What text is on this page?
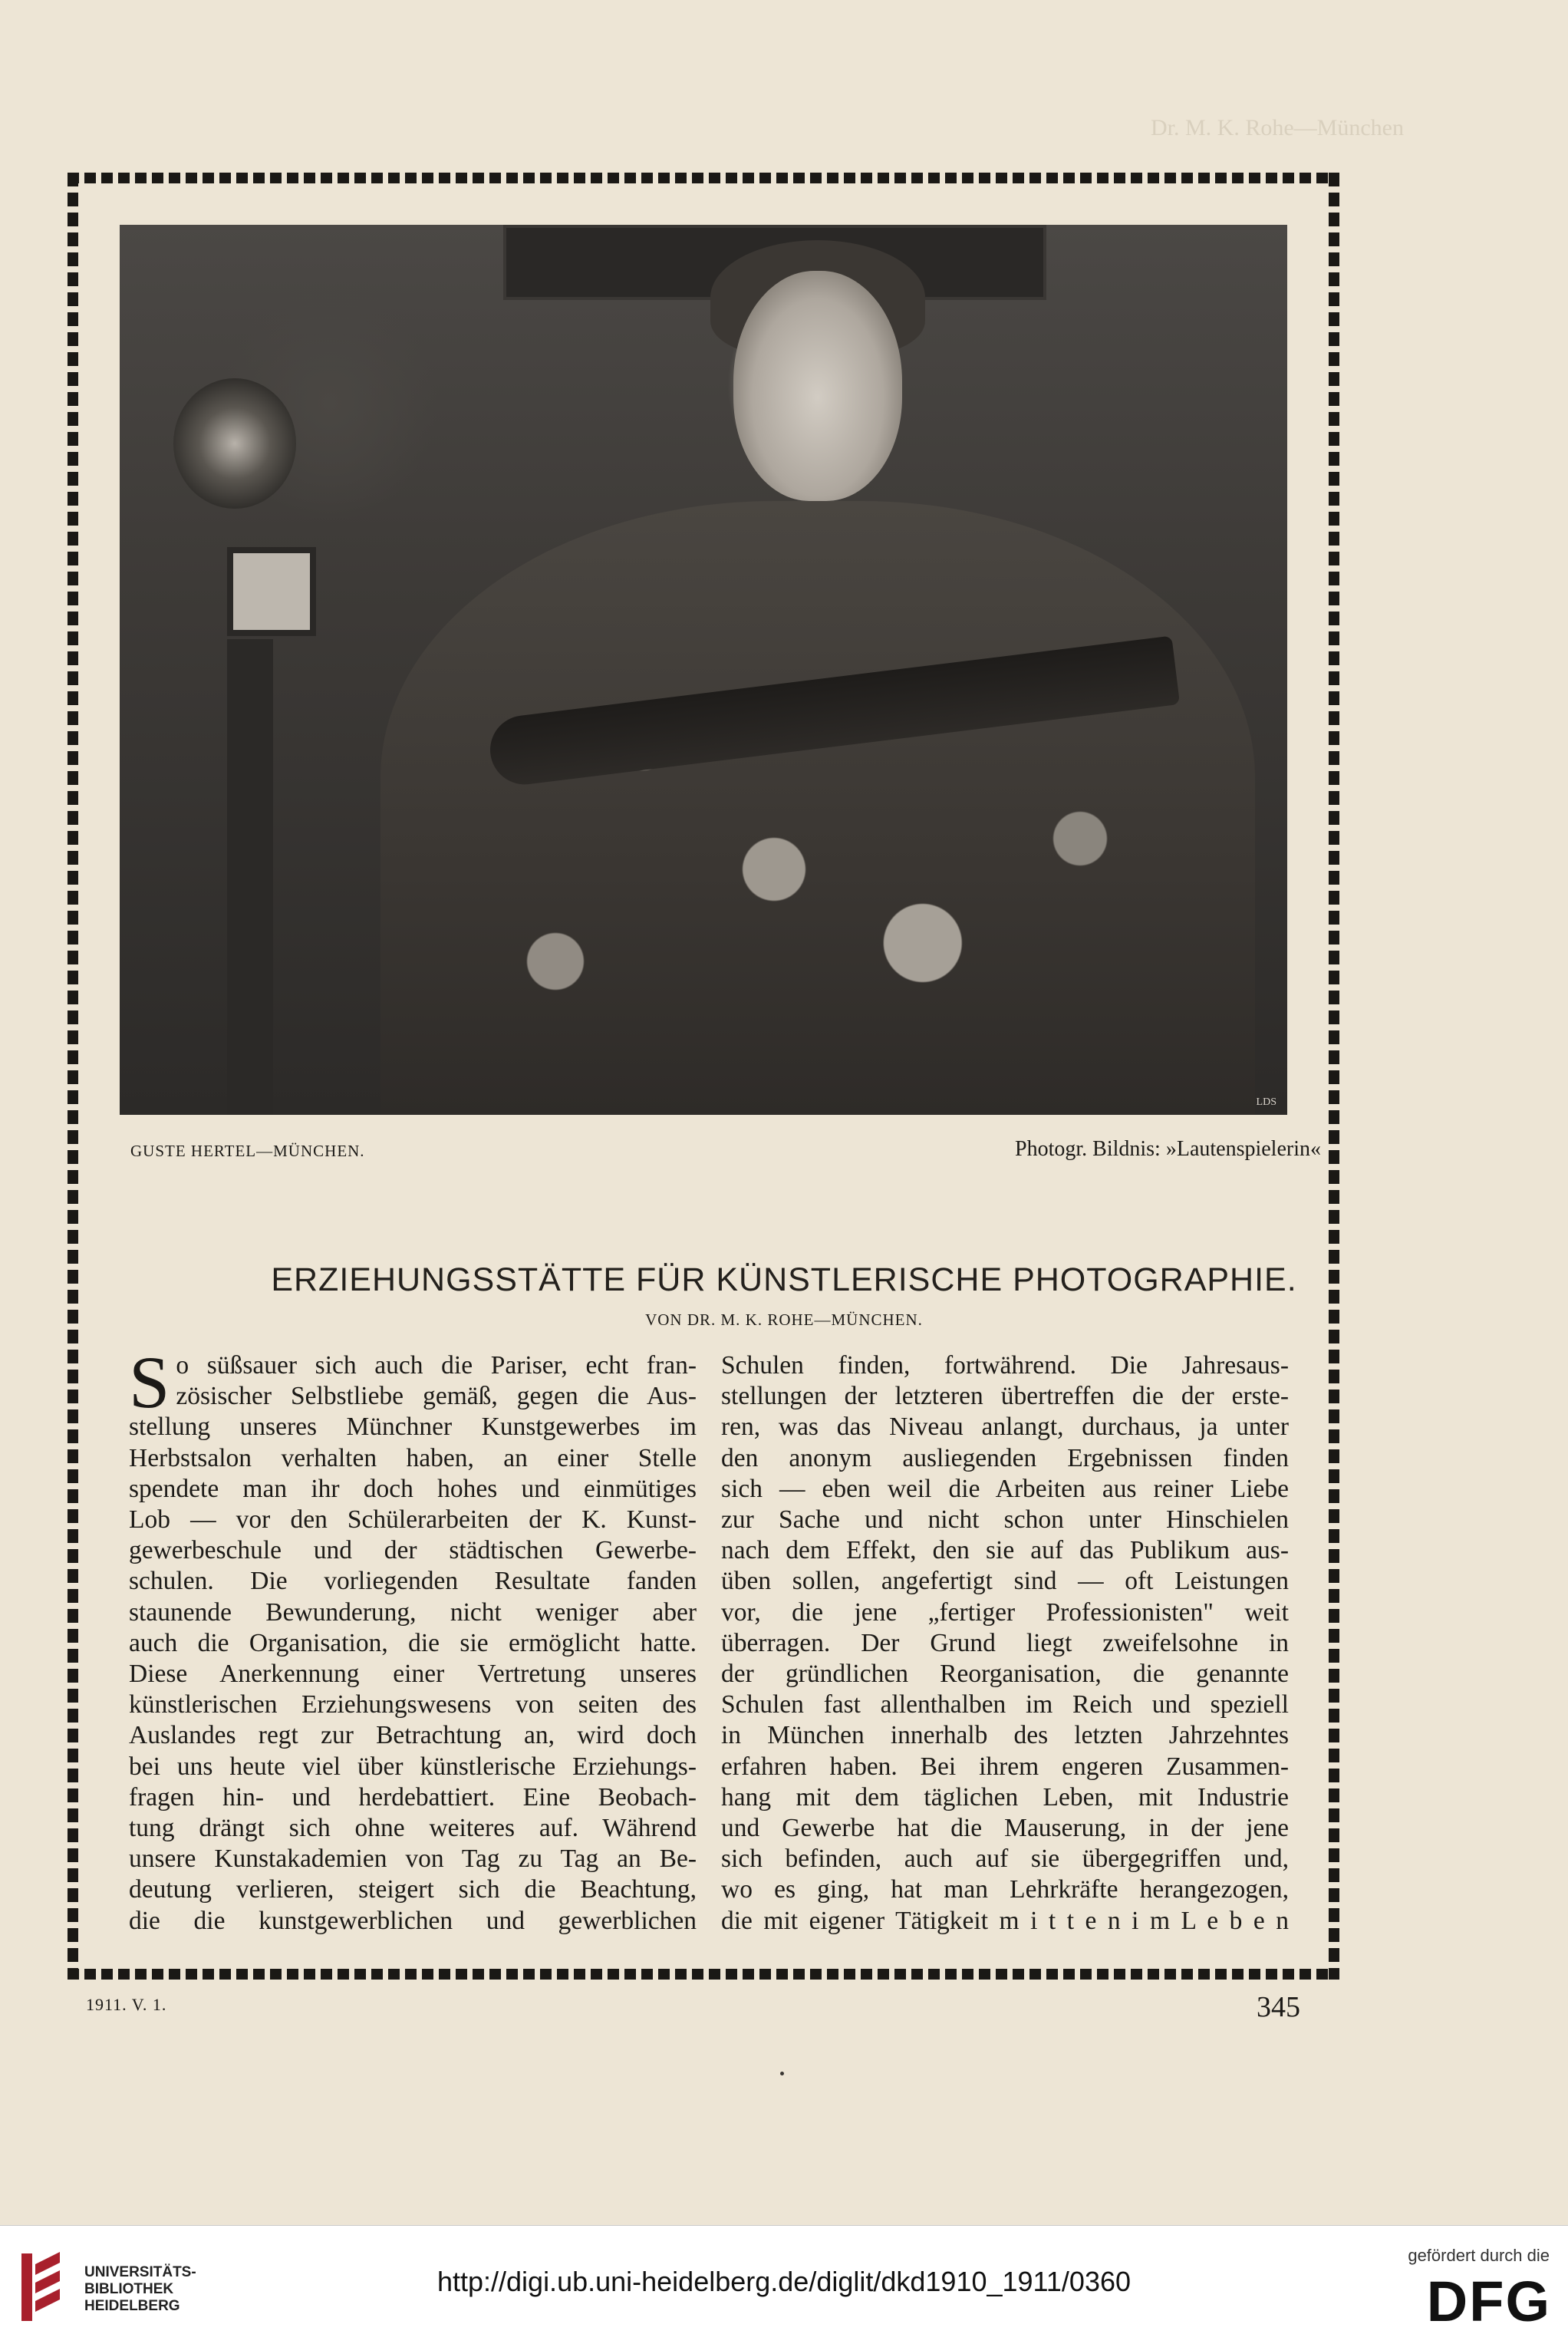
Dr. M. K. Rohe—München
LDS
GUSTE HERTEL—MÜNCHEN.	Photogr. Bildnis: »Lautenspielerin«
ERZIEHUNGSSTÄTTE FÜR KÜNSTLERISCHE PHOTOGRAPHIE.
VON DR. M. K. ROHE—MÜNCHEN.
S o süßsauer sich auch die Pariser, echt fran-
zösischer Selbstliebe gemäß, gegen die Aus-
stellung unseres Münchner Kunstgewerbes im
Herbstsalon verhalten haben, an einer Stelle
spendete man ihr doch hohes und einmütiges
Lob — vor den Schülerarbeiten der K. Kunst-
gewerbeschule und der städtischen Gewerbe-
schulen. Die vorliegenden Resultate fanden
staunende Bewunderung, nicht weniger aber
auch die Organisation, die sie ermöglicht hatte.
Diese Anerkennung einer Vertretung unseres
künstlerischen Erziehungswesens von seiten des
Auslandes regt zur Betrachtung an, wird doch
bei uns heute viel über künstlerische Erziehungs-
fragen hin- und herdebattiert. Eine Beobach-
tung drängt sich ohne weiteres auf. Während
unsere Kunstakademien von Tag zu Tag an Be-
deutung verlieren, steigert sich die Beachtung,
die die kunstgewerblichen und gewerblichen
Schulen finden, fortwährend. Die Jahresaus-
stellungen der letzteren übertreffen die der erste-
ren, was das Niveau anlangt, durchaus, ja unter
den anonym ausliegenden Ergebnissen finden
sich — eben weil die Arbeiten aus reiner Liebe
zur Sache und nicht schon unter Hinschielen
nach dem Effekt, den sie auf das Publikum aus-
üben sollen, angefertigt sind — oft Leistungen
vor, die jene „fertiger Professionisten" weit
überragen. Der Grund liegt zweifelsohne in
der gründlichen Reorganisation, die genannte
Schulen fast allenthalben im Reich und speziell
in München innerhalb des letzten Jahrzehntes
erfahren haben. Bei ihrem engeren Zusammen-
hang mit dem täglichen Leben, mit Industrie
und Gewerbe hat die Mauserung, in der jene
sich befinden, auch auf sie übergegriffen und,
wo es ging, hat man Lehrkräfte herangezogen,
die mit eigener Tätigkeit m i t t e n i m L e b e n
1911. V. 1.	345
UNIVERSITÄTS-
BIBLIOTHEK
HEIDELBERG
http://digi.ub.uni-heidelberg.de/diglit/dkd1910_1911/0360
gefördert durch die
DFG
